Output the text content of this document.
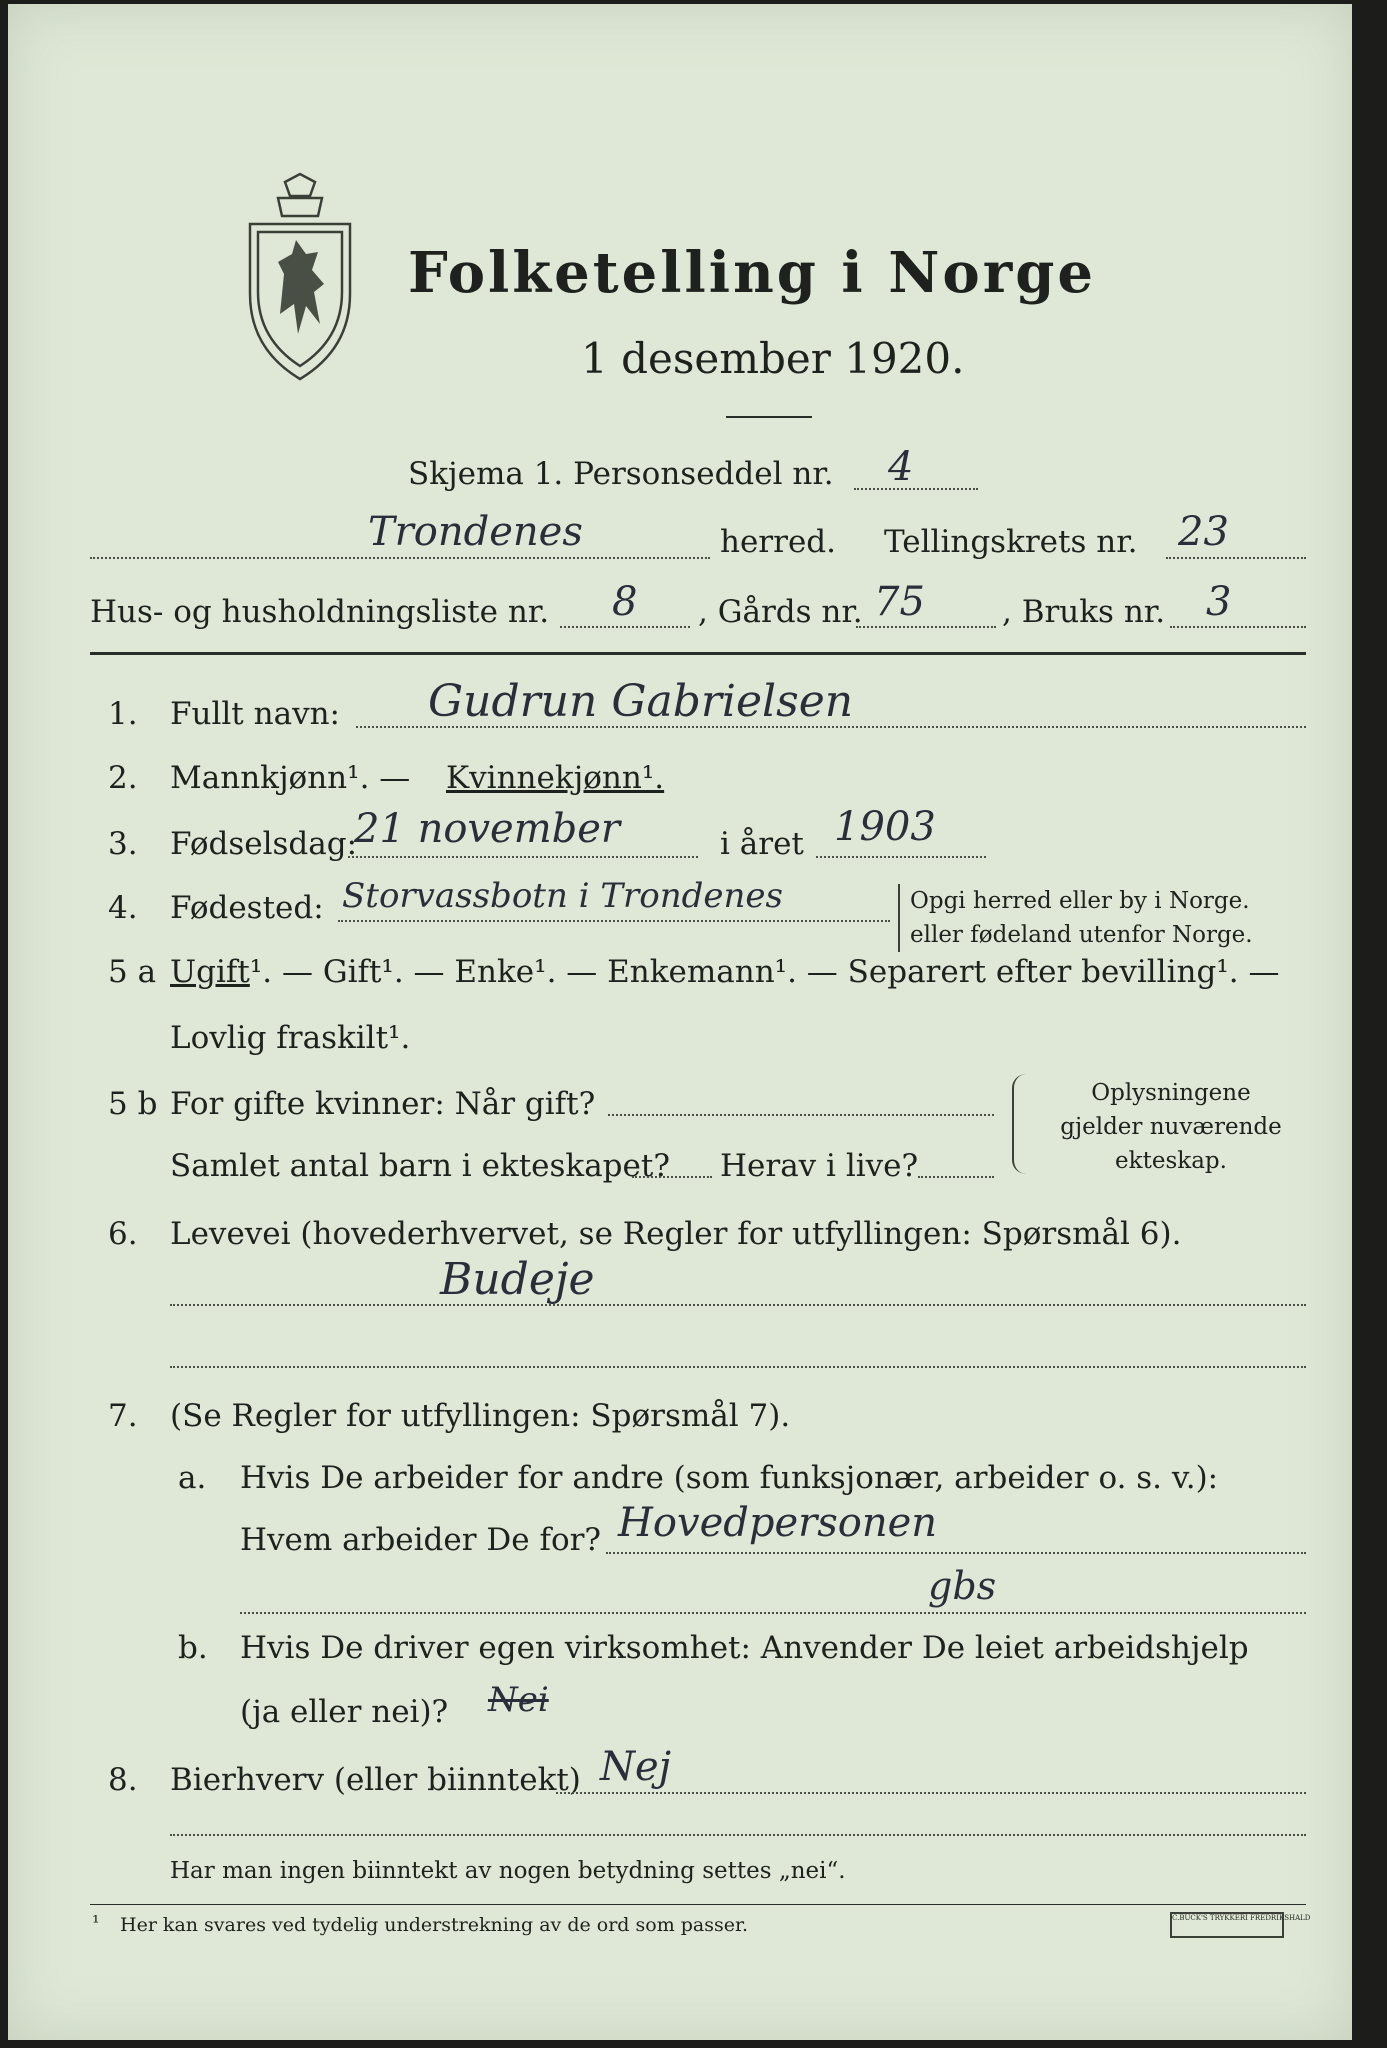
Folketelling i Norge
1 desember 1920.
Skjema 1. Personseddel nr. 4
Trondenes	herred. Tellingskrets nr. 23
Hus- og husholdningsliste nr. 8 , Gårds nr. 75 , Bruks nr. 3
1. Fullt navn: Gudrun Gabrielsen
2. Mannkjønn¹. — Kvinnekjønn¹.
3. Fødselsdag:
21 november	i året 1903
4. Fødested: Storvassbotn i Trondenes	Opgi herred eller by i Norge.
eller fødeland utenfor Norge.
5 a Ugift¹. — Gift¹. — Enke¹. — Enkemann¹. — Separert efter bevilling¹. —
Lovlig fraskilt¹.
5 b For gifte kvinner: Når gift?
Samlet antal barn i ekteskapet? Herav i live?
Oplysningene
gjelder nuværende
ekteskap.
6. Levevei (hovederhvervet, se Regler for utfyllingen: Spørsmål 6).
Budeje
7. (Se Regler for utfyllingen: Spørsmål 7).
a. Hvis De arbeider for andre (som funksjonær, arbeider o. s. v.):
Hvem arbeider De for? Hovedpersonen
gbs
b. Hvis De driver egen virksomhet: Anvender De leiet arbeidshjelp
(ja eller nei)? Nei
8. Bierhverv (eller biinntekt) Nej
Har man ingen biinntekt av nogen betydning settes „nei“.
¹ Her kan svares ved tydelig understrekning av de ord som passer.	C.BUCK'S TRYKKERI FREDRIKSHALD
